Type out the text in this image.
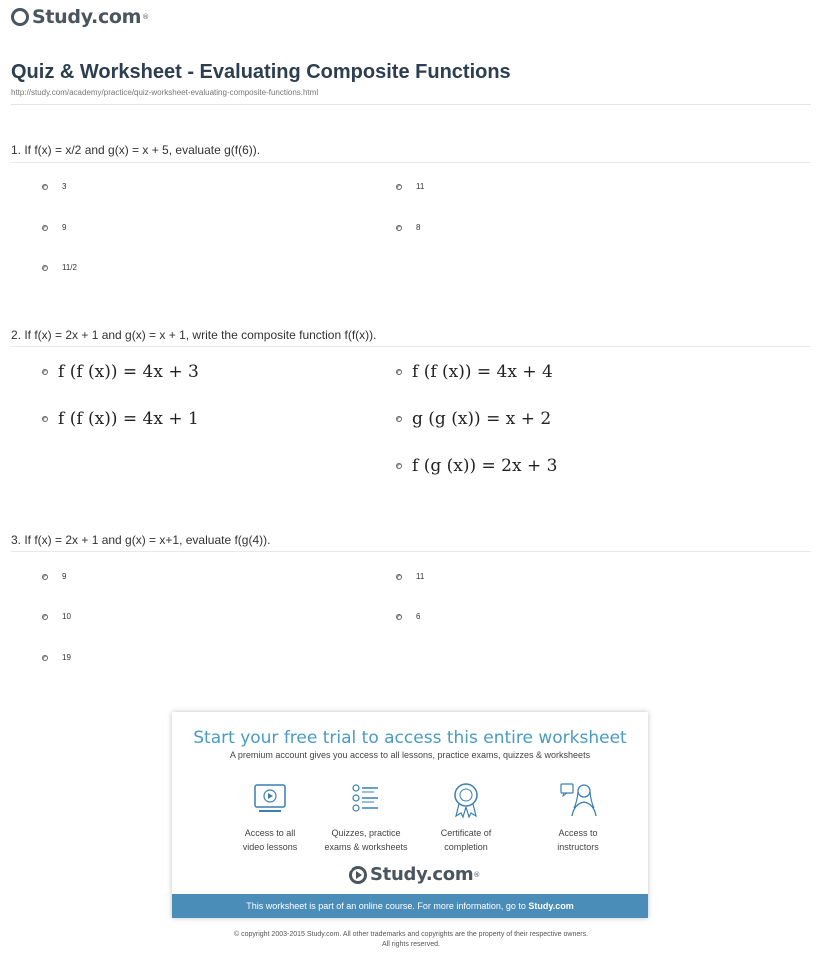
Study.com ®
Quiz & Worksheet - Evaluating Composite Functions
http://study.com/academy/practice/quiz-worksheet-evaluating-composite-functions.html
1. If f(x) = x/2 and g(x) = x + 5, evaluate g(f(6)).
3	11
9	8
11/2
2. If f(x) = 2x + 1 and g(x) = x + 1, write the composite function f(f(x)).
f (f (x)) = 4x + 3	f (f (x)) = 4x + 4
f (f (x)) = 4x + 1	g (g (x)) = x + 2
f (g (x)) = 2x + 3
3. If f(x) = 2x + 1 and g(x) = x+1, evaluate f(g(4)).
9	11
10	6
19
Start your free trial to access this entire worksheet
A premium account gives you access to all lessons, practice exams, quizzes & worksheets
Access to all
video lessons
Quizzes, practice
exams & worksheets
Certificate of
completion
Access to
instructors
Study.com ®
This worksheet is part of an online course. For more information, go to Study.com
© copyright 2003-2015 Study.com. All other trademarks and copyrights are the property of their respective owners.
All rights reserved.
